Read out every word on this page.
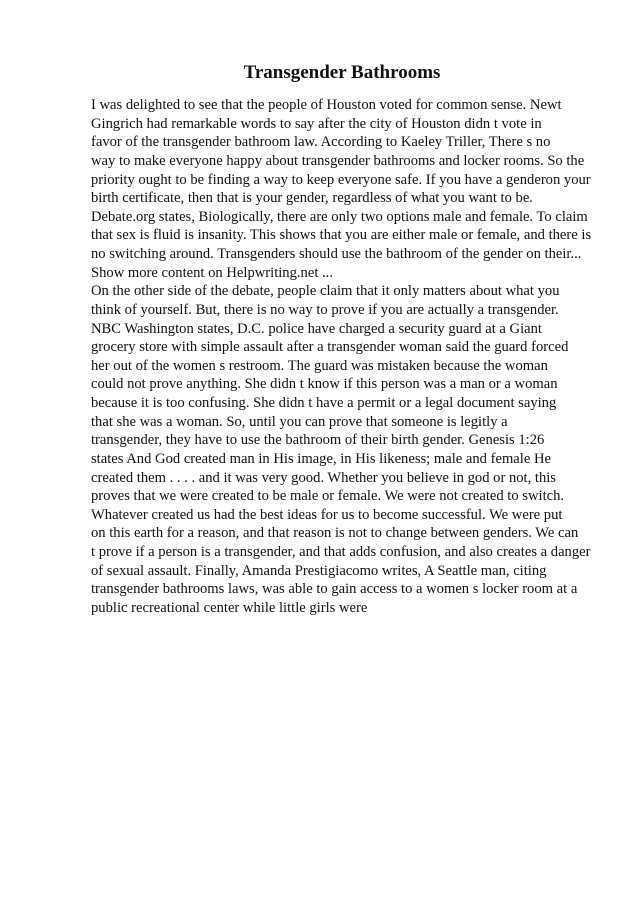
Transgender Bathrooms
I was delighted to see that the people of Houston voted for common sense. Newt
Gingrich had remarkable words to say after the city of Houston didn t vote in
favor of the transgender bathroom law. According to Kaeley Triller, There s no
way to make everyone happy about transgender bathrooms and locker rooms. So the
priority ought to be finding a way to keep everyone safe. If you have a genderon your
birth certificate, then that is your gender, regardless of what you want to be.
Debate.org states, Biologically, there are only two options male and female. To claim
that sex is fluid is insanity. This shows that you are either male or female, and there is
no switching around. Transgenders should use the bathroom of the gender on their...
Show more content on Helpwriting.net ...
On the other side of the debate, people claim that it only matters about what you
think of yourself. But, there is no way to prove if you are actually a transgender.
NBC Washington states, D.C. police have charged a security guard at a Giant
grocery store with simple assault after a transgender woman said the guard forced
her out of the women s restroom. The guard was mistaken because the woman
could not prove anything. She didn t know if this person was a man or a woman
because it is too confusing. She didn t have a permit or a legal document saying
that she was a woman. So, until you can prove that someone is legitly a
transgender, they have to use the bathroom of their birth gender. Genesis 1:26
states And God created man in His image, in His likeness; male and female He
created them . . . . and it was very good. Whether you believe in god or not, this
proves that we were created to be male or female. We were not created to switch.
Whatever created us had the best ideas for us to become successful. We were put
on this earth for a reason, and that reason is not to change between genders. We can
t prove if a person is a transgender, and that adds confusion, and also creates a danger
of sexual assault. Finally, Amanda Prestigiacomo writes, A Seattle man, citing
transgender bathrooms laws, was able to gain access to a women s locker room at a
public recreational center while little girls were
